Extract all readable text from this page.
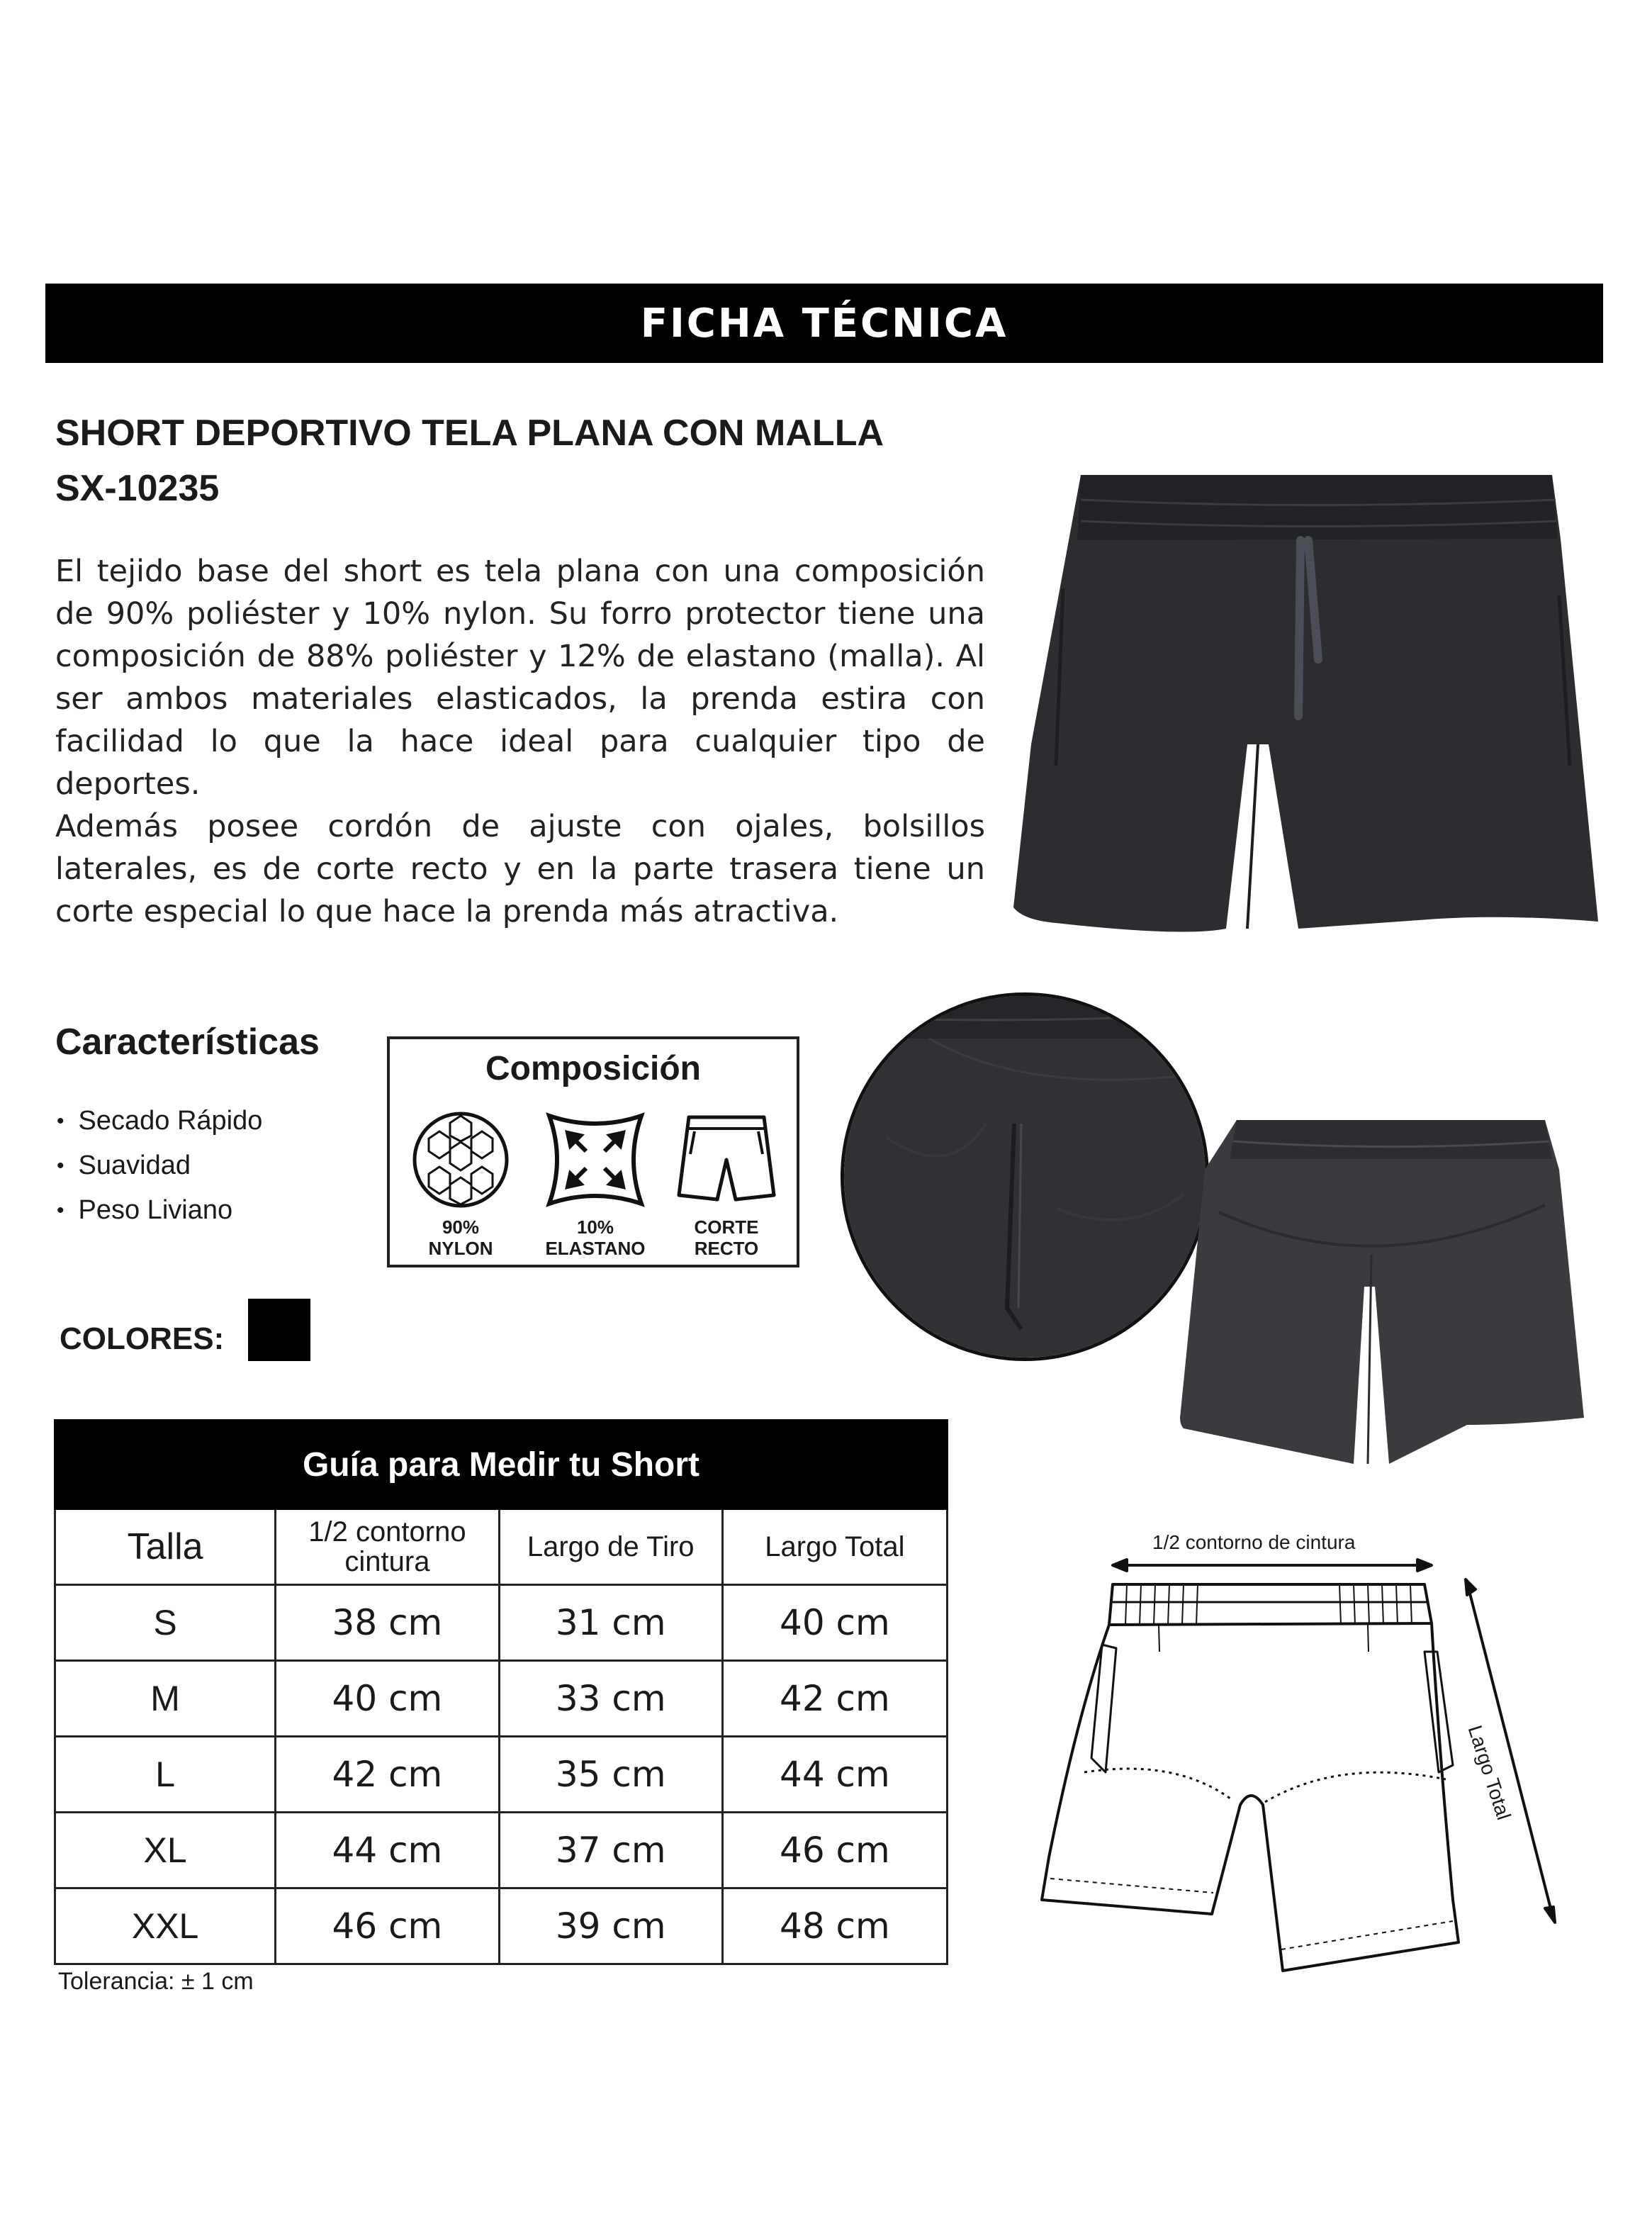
FICHA TÉCNICA
SHORT DEPORTIVO TELA PLANA CON MALLA
SX-10235

El tejido base del short es tela plana con una composición de 90% poliéster y 10% nylon. Su forro protector tiene una composición de 88% poliéster y 12% de elastano (malla). Al ser ambos materiales elasticados, la prenda estira con facilidad lo que la hace ideal para cualquier tipo de deportes.

Además posee cordón de ajuste con ojales, bolsillos laterales, es de corte recto y en la parte trasera tiene un corte especial lo que hace la prenda más atractiva.

Características
• Secado Rápido
• Suavidad
• Peso Liviano
Composición
90%
NYLON
10%
ELASTANO
CORTE
RECTO
COLORES:
Guía para Medir tu Short			
Talla	1/2 contorno cintura	Largo de Tiro	Largo Total
S	38 cm	31 cm	40 cm
M	40 cm	33 cm	42 cm
L	42 cm	35 cm	44 cm
XL	44 cm	37 cm	46 cm
XXL	46 cm	39 cm	48 cm
Tolerancia: ± 1 cm
1/2 contorno de cintura
Largo Total
